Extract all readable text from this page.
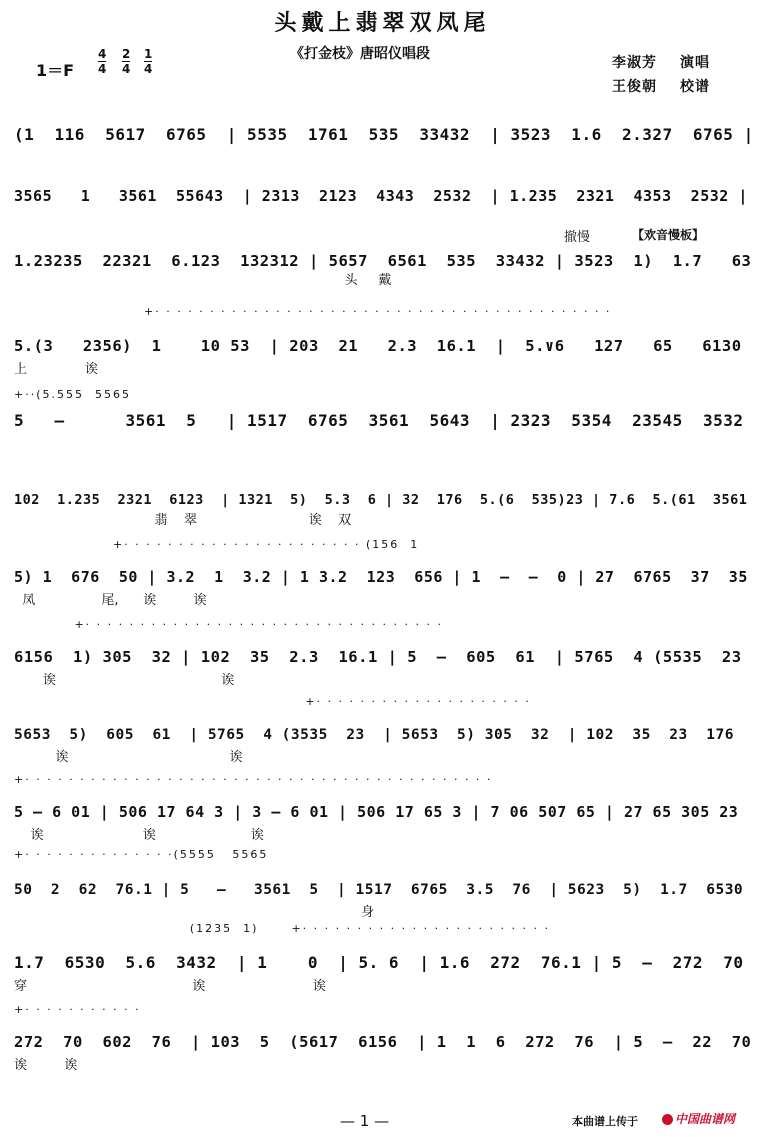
头戴上翡翠双凤尾
1＝F
4
4
2
4
1
4
《打金枝》唐昭仪唱段
李淑芳 演唱
王俊朝 校谱
撤慢	【欢音慢板】
(1  116  5617  6765  | 5535  1761  535  33432  | 3523  1.6  2.327  6765 |
3565   1   3561  55643  | 2313  2123  4343  2532  | 1.235  2321  4353  2532 |
1.23235  22321  6.123  132312 | 5657  6561  535  33432 | 3523  1)  1.7   63
头     戴
+· · · · · · · · · · · · · · · · · · · · · · · · · · · · · · · · · · · · · · · · · ·
5.(3   2356)  1    10 53  | 203  21   2.3  16.1  |  5.∨6   127   65   6130
上              诶
+··(5.555  5565
5   —      3561  5   | 1517  6765  3561  5643  | 2323  5354  23545  3532
102  1.235  2321  6123  | 1321  5)  5.3  6 | 32  176  5.(6  535)23 | 7.6  5.(61  3561
翡    翠                           诶    双
+· · · · · · · · · · · · · · · · · · · · · · (156  1
5) 1  676  50 | 3.2  1  3.2 | 1 3.2  123  656 | 1  —  —  0 | 27  6765  37  35
凤                尾,      诶         诶
+· · · · · · · · · · · · · · · · · · · · · · · · · · · · · · · · ·
6156  1) 305  32 | 102  35  2.3  16.1 | 5  —  605  61  | 5765  4 (5535  23
诶                                        诶
+· · · · · · · · · · · · · · · · · · · ·
5653  5)  605  61  | 5765  4 (3535  23  | 5653  5) 305  32  | 102  35  23  176
诶                                       诶
+· · · · · · · · · · · · · · · · · · · · · · · · · · · · · · · · · · · · · · · · · · ·
5 — 6 01 | 506 17 64 3 | 3 — 6 01 | 506 17 65 3 | 7 06 507 65 | 27 65 305 23
诶                        诶                       诶
+· · · · · · · · · · · · · ·(5555   5565
50  2  62  76.1 | 5   —   3561  5  | 1517  6765  3.5  76  | 5623  5)  1.7  6530
身
(1235  1)      +· · · · · · · · · · · · · · · · · · · · · · ·
1.7  6530  5.6  3432  | 1    0  | 5. 6  | 1.6  272  76.1 | 5  —  272  70
穿                                        诶                          诶
+· · · · · · · · · · ·
272  70  602  76  | 103  5  (5617  6156  | 1  1  6  272  76  | 5  —  22  70
诶         诶
— 1 —	本曲谱上传于	中国曲谱网
